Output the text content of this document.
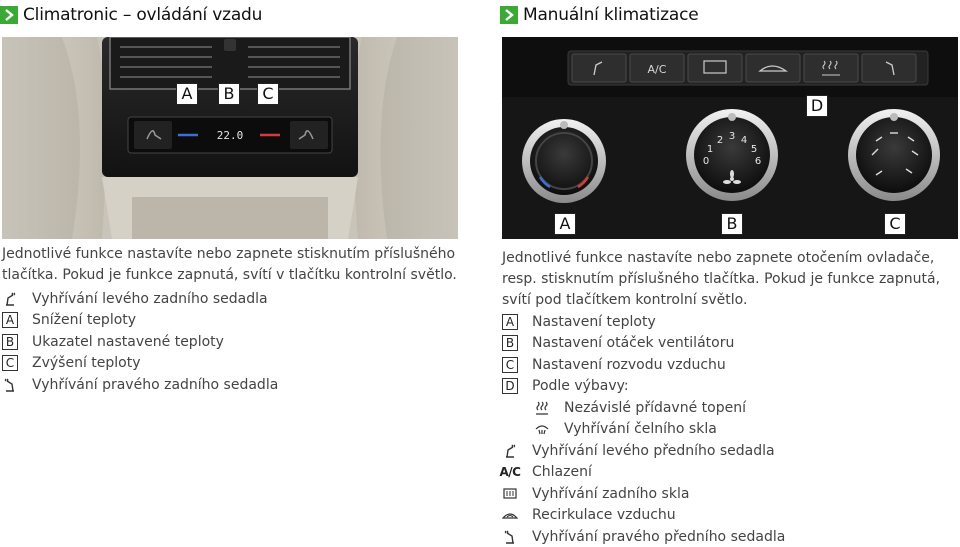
Climatronic – ovládání vzadu
22.0
A	B	C

Jednotlivé funkce nastavíte nebo zapnete stisknutím příslušného tlačítka. Pokud je funkce zapnutá, svítí v tlačítku kontrolní světlo.

Vyhřívání levého zadního sedadla
A Snížení teploty
B Ukazatel nastavené teploty
C Zvýšení teploty
Vyhřívání pravého zadního sedadla
Manuální klimatizace
A/C
0
1
2 3 4
5
6
D
A	B	C

Jednotlivé funkce nastavíte nebo zapnete otočením ovladače, resp. stisknutím příslušného tlačítka. Pokud je funkce zapnutá, svítí pod tlačítkem kontrolní světlo.

A Nastavení teploty
B Nastavení otáček ventilátoru
C Nastavení rozvodu vzduchu
D Podle výbavy:
Nezávislé přídavné topení
Vyhřívání čelního skla
Vyhřívání levého předního sedadla
A/C Chlazení
Vyhřívání zadního skla
Recirkulace vzduchu
Vyhřívání pravého předního sedadla
